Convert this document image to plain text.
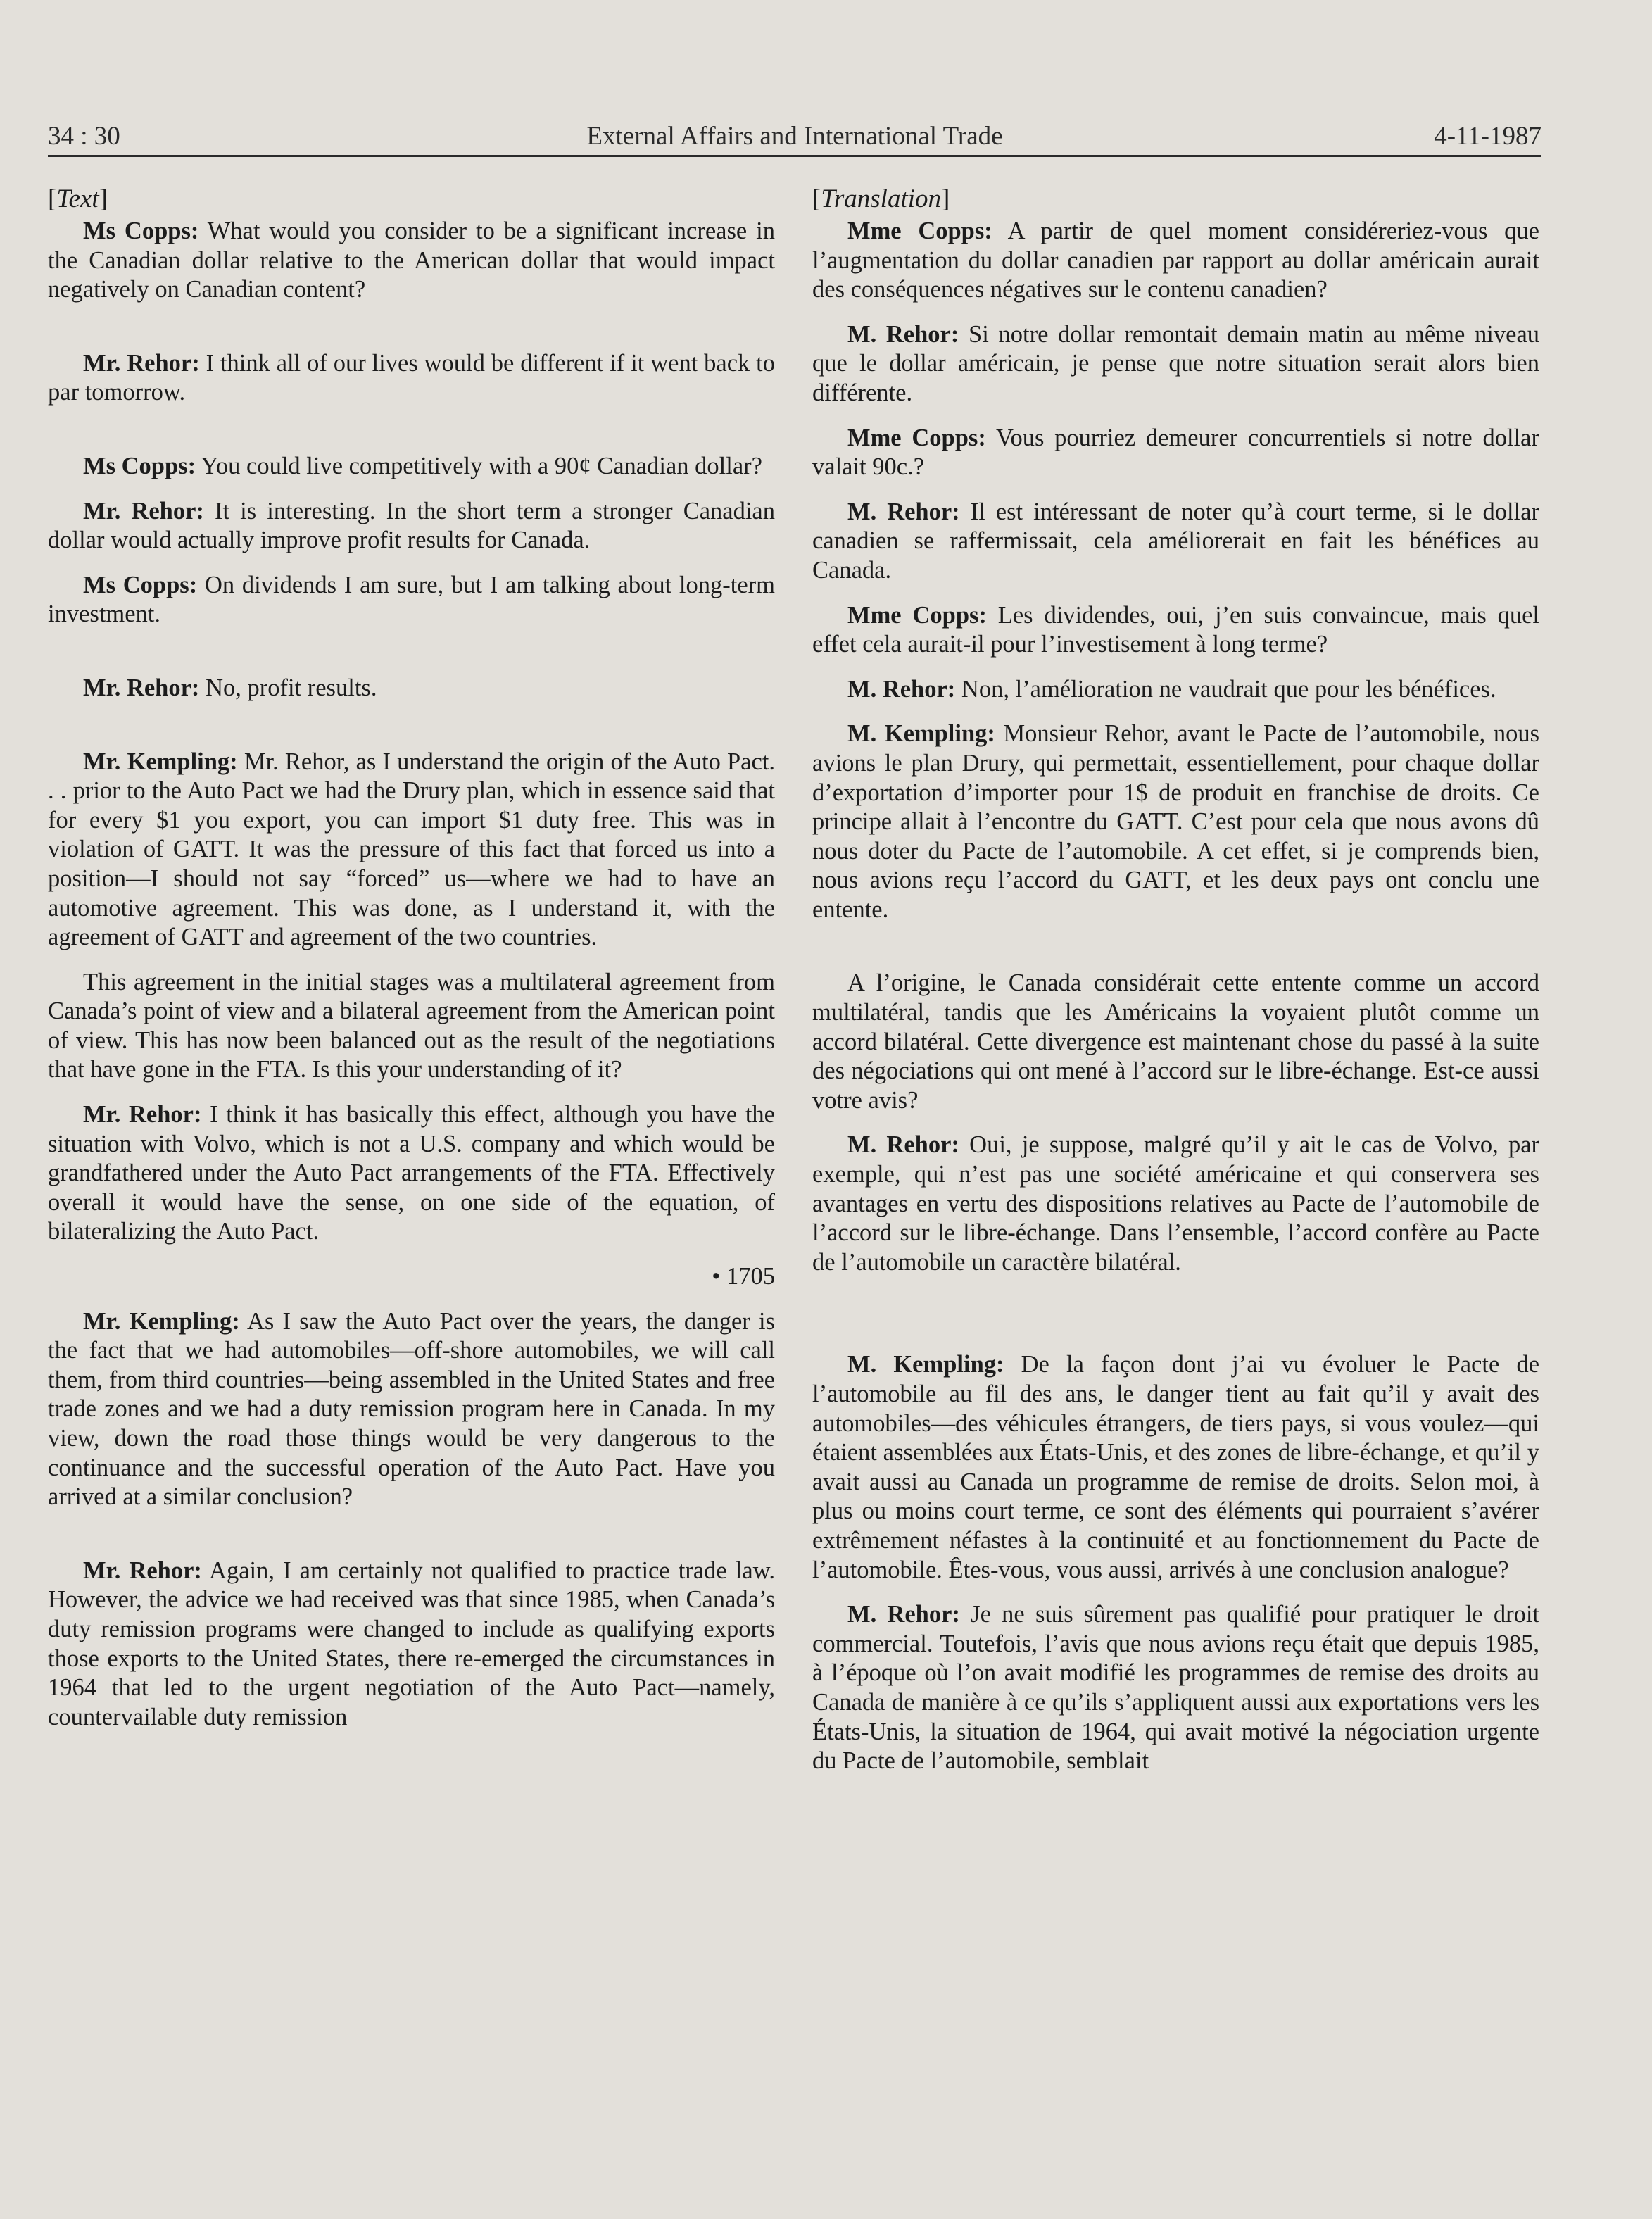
34 : 30	External Affairs and International Trade	4-11-1987
[Text]

Ms Copps: What would you consider to be a significant increase in the Canadian dollar relative to the American dollar that would impact negatively on Canadian content?

Mr. Rehor: I think all of our lives would be different if it went back to par tomorrow.

Ms Copps: You could live competitively with a 90¢ Canadian dollar?

Mr. Rehor: It is interesting. In the short term a stronger Canadian dollar would actually improve profit results for Canada.

Ms Copps: On dividends I am sure, but I am talking about long-term investment.

Mr. Rehor: No, profit results.

Mr. Kempling: Mr. Rehor, as I understand the origin of the Auto Pact. . . prior to the Auto Pact we had the Drury plan, which in essence said that for every $1 you export, you can import $1 duty free. This was in violation of GATT. It was the pressure of this fact that forced us into a position—I should not say “forced” us—where we had to have an automotive agreement. This was done, as I understand it, with the agreement of GATT and agreement of the two countries.

This agreement in the initial stages was a multilateral agreement from Canada’s point of view and a bilateral agreement from the American point of view. This has now been balanced out as the result of the negotiations that have gone in the FTA. Is this your understanding of it?

Mr. Rehor: I think it has basically this effect, although you have the situation with Volvo, which is not a U.S. company and which would be grandfathered under the Auto Pact arrangements of the FTA. Effectively overall it would have the sense, on one side of the equation, of bilateralizing the Auto Pact.

• 1705

Mr. Kempling: As I saw the Auto Pact over the years, the danger is the fact that we had automobiles—off-shore automobiles, we will call them, from third countries—being assembled in the United States and free trade zones and we had a duty remission program here in Canada. In my view, down the road those things would be very dangerous to the continuance and the successful operation of the Auto Pact. Have you arrived at a similar conclusion?

Mr. Rehor: Again, I am certainly not qualified to practice trade law. However, the advice we had received was that since 1985, when Canada’s duty remission programs were changed to include as qualifying exports those exports to the United States, there re-emerged the circumstances in 1964 that led to the urgent negotiation of the Auto Pact—namely, countervailable duty remission

[Translation]

Mme Copps: A partir de quel moment considéreriez-vous que l’augmentation du dollar canadien par rapport au dollar américain aurait des conséquences négatives sur le contenu canadien?

M. Rehor: Si notre dollar remontait demain matin au même niveau que le dollar américain, je pense que notre situation serait alors bien différente.

Mme Copps: Vous pourriez demeurer concurrentiels si notre dollar valait 90c.?

M. Rehor: Il est intéressant de noter qu’à court terme, si le dollar canadien se raffermissait, cela améliorerait en fait les bénéfices au Canada.

Mme Copps: Les dividendes, oui, j’en suis convaincue, mais quel effet cela aurait-il pour l’investisement à long terme?

M. Rehor: Non, l’amélioration ne vaudrait que pour les bénéfices.

M. Kempling: Monsieur Rehor, avant le Pacte de l’automobile, nous avions le plan Drury, qui permettait, essentiellement, pour chaque dollar d’exportation d’importer pour 1$ de produit en franchise de droits. Ce principe allait à l’encontre du GATT. C’est pour cela que nous avons dû nous doter du Pacte de l’automobile. A cet effet, si je comprends bien, nous avions reçu l’accord du GATT, et les deux pays ont conclu une entente.

A l’origine, le Canada considérait cette entente comme un accord multilatéral, tandis que les Américains la voyaient plutôt comme un accord bilatéral. Cette divergence est maintenant chose du passé à la suite des négociations qui ont mené à l’accord sur le libre-échange. Est-ce aussi votre avis?

M. Rehor: Oui, je suppose, malgré qu’il y ait le cas de Volvo, par exemple, qui n’est pas une société américaine et qui conservera ses avantages en vertu des dispositions relatives au Pacte de l’automobile de l’accord sur le libre-échange. Dans l’ensemble, l’accord confère au Pacte de l’automobile un caractère bilatéral.

M. Kempling: De la façon dont j’ai vu évoluer le Pacte de l’automobile au fil des ans, le danger tient au fait qu’il y avait des automobiles—des véhicules étrangers, de tiers pays, si vous voulez—qui étaient assemblées aux États-Unis, et des zones de libre-échange, et qu’il y avait aussi au Canada un programme de remise de droits. Selon moi, à plus ou moins court terme, ce sont des éléments qui pourraient s’avérer extrêmement néfastes à la continuité et au fonctionnement du Pacte de l’automobile. Êtes-vous, vous aussi, arrivés à une conclusion analogue?

M. Rehor: Je ne suis sûrement pas qualifié pour pratiquer le droit commercial. Toutefois, l’avis que nous avions reçu était que depuis 1985, à l’époque où l’on avait modifié les programmes de remise des droits au Canada de manière à ce qu’ils s’appliquent aussi aux exportations vers les États-Unis, la situation de 1964, qui avait motivé la négociation urgente du Pacte de l’automobile, semblait
